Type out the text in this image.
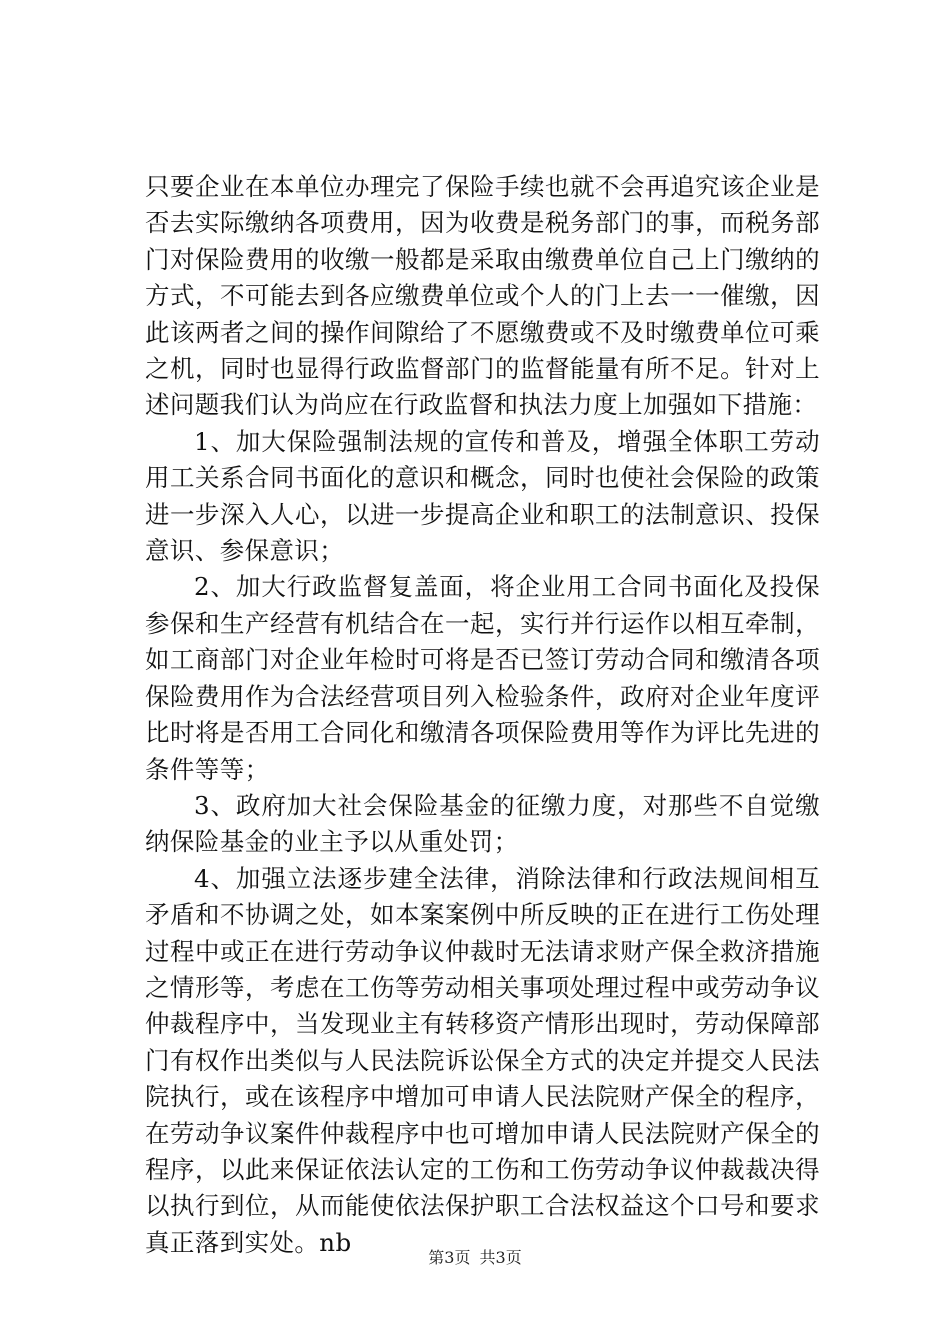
只要企业在本单位办理完了保险手续也就不会再追究该企业是否去实际缴纳各项费用，因为收费是税务部门的事，而税务部门对保险费用的收缴一般都是采取由缴费单位自己上门缴纳的方式，不可能去到各应缴费单位或个人的门上去一一催缴，因此该两者之间的操作间隙给了不愿缴费或不及时缴费单位可乘之机，同时也显得行政监督部门的监督能量有所不足。针对上述问题我们认为尚应在行政监督和执法力度上加强如下措施：

1、加大保险强制法规的宣传和普及，增强全体职工劳动用工关系合同书面化的意识和概念，同时也使社会保险的政策进一步深入人心，以进一步提高企业和职工的法制意识、投保意识、参保意识；

2、加大行政监督复盖面，将企业用工合同书面化及投保参保和生产经营有机结合在一起，实行并行运作以相互牵制，如工商部门对企业年检时可将是否已签订劳动合同和缴清各项保险费用作为合法经营项目列入检验条件，政府对企业年度评比时将是否用工合同化和缴清各项保险费用等作为评比先进的条件等等；

3、政府加大社会保险基金的征缴力度，对那些不自觉缴纳保险基金的业主予以从重处罚；

4、加强立法逐步建全法律，消除法律和行政法规间相互矛盾和不协调之处，如本案案例中所反映的正在进行工伤处理过程中或正在进行劳动争议仲裁时无法请求财产保全救济措施之情形等，考虑在工伤等劳动相关事项处理过程中或劳动争议仲裁程序中，当发现业主有转移资产情形出现时，劳动保障部门有权作出类似与人民法院诉讼保全方式的决定并提交人民法院执行，或在该程序中增加可申请人民法院财产保全的程序，在劳动争议案件仲裁程序中也可增加申请人民法院财产保全的程序，以此来保证依法认定的工伤和工伤劳动争议仲裁裁决得以执行到位，从而能使依法保护职工合法权益这个口号和要求真正落到实处。nb

第3页 共3页
